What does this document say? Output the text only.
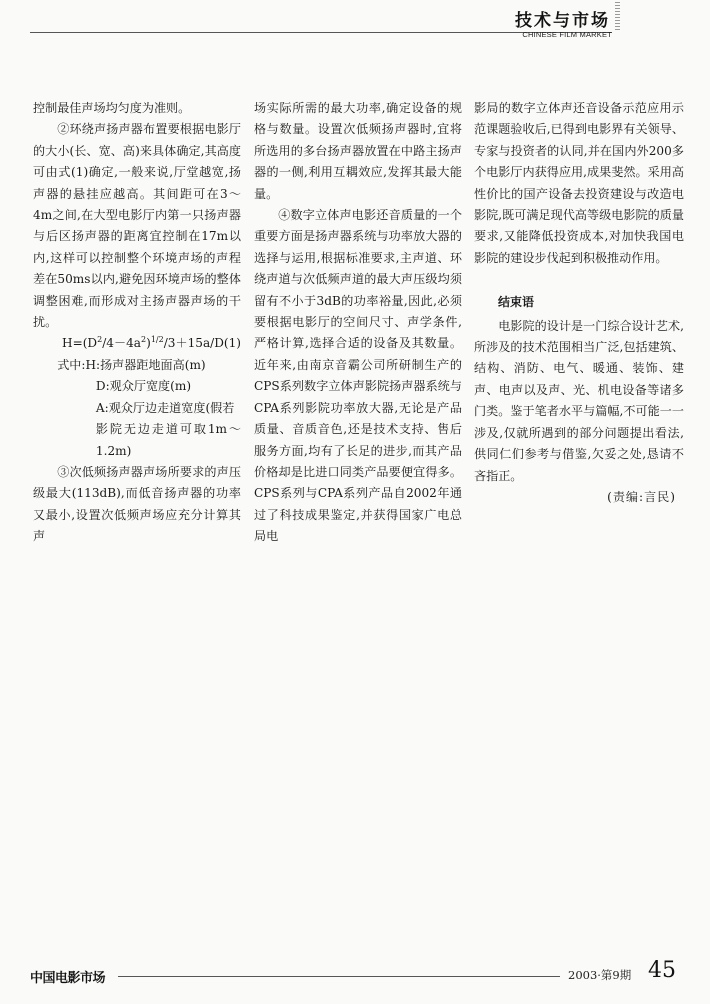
技术与市场
CHINESE FILM MARKET

控制最佳声场均匀度为准则。

②环绕声扬声器布置要根据电影厅的大小(长、宽、高)来具体确定,其高度可由式(1)确定,一般来说,厅堂越宽,扬声器的悬挂应越高。其间距可在3～4m之间,在大型电影厅内第一只扬声器与后区扬声器的距离宜控制在17m以内,这样可以控制整个环境声场的声程差在50ms以内,避免因环境声场的整体调整困难,而形成对主扬声器声场的干扰。

$H=(D^2/4-4a^2)^{1/2}/3+15a/D$ (1)

式中:H:扬声器距地面高(m)

D:观众厅宽度(m)

A:观众厅边走道宽度(假若

影院无边走道可取1m～1.2m)

③次低频扬声器声场所要求的声压级最大(113dB),而低音扬声器的功率又最小,设置次低频声场应充分计算其声

场实际所需的最大功率,确定设备的规格与数量。设置次低频扬声器时,宜将所选用的多台扬声器放置在中路主扬声器的一侧,利用互耦效应,发挥其最大能量。

④数字立体声电影还音质量的一个重要方面是扬声器系统与功率放大器的选择与运用,根据标准要求,主声道、环绕声道与次低频声道的最大声压级均须留有不小于3dB的功率裕量,因此,必须要根据电影厅的空间尺寸、声学条件,严格计算,选择合适的设备及其数量。近年来,由南京音霸公司所研制生产的CPS系列数字立体声影院扬声器系统与CPA系列影院功率放大器,无论是产品质量、音质音色,还是技术支持、售后服务方面,均有了长足的进步,而其产品价格却是比进口同类产品要便宜得多。CPS系列与CPA系列产品自2002年通过了科技成果鉴定,并获得国家广电总局电

影局的数字立体声还音设备示范应用示范课题验收后,已得到电影界有关领导、专家与投资者的认同,并在国内外200多个电影厅内获得应用,成果斐然。采用高性价比的国产设备去投资建设与改造电影院,既可满足现代高等级电影院的质量要求,又能降低投资成本,对加快我国电影院的建设步伐起到积极推动作用。

结束语

电影院的设计是一门综合设计艺术,所涉及的技术范围相当广泛,包括建筑、结构、消防、电气、暖通、装饰、建声、电声以及声、光、机电设备等诸多门类。鉴于笔者水平与篇幅,不可能一一涉及,仅就所遇到的部分问题提出看法,供同仁们参考与借鉴,欠妥之处,恳请不吝指正。

(责编:言民)

中国电影市场	2003·第9期 45
